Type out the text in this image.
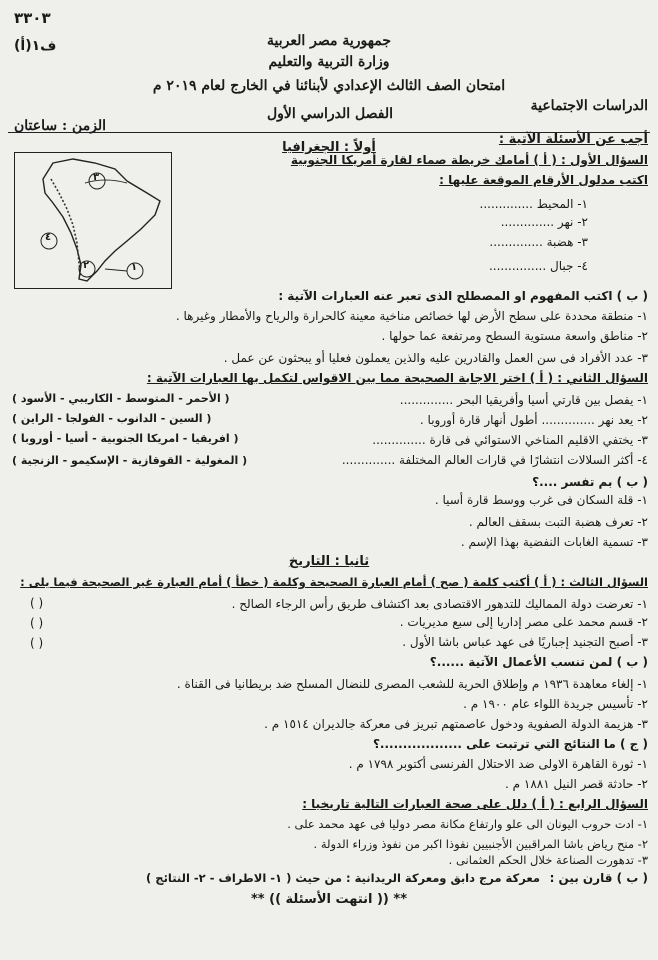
٣٣٠٣
ف١(أ)	جمهورية مصر العربية
وزارة التربية والتعليم
امتحان الصف الثالث الإعدادي لأبنائنا في الخارج لعام ٢٠١٩ م
الدراسات الاجتماعية
الفصل الدراسي الأول
الزمن : ساعتان
أجب عن الأسئلة الآتية :
أولاً : الجغرافيا
٣
٤
٢	١
السؤال الأول : ( أ ) أمامك خريطة صماء لقارة أمريكا الجنوبية
اكتب مدلول الأرقام الموقعة عليها :
١- المحيط ..............
٢- نهر ..............
٣- هضبة ..............
٤- جبال ...............
( ب ) اكتب المفهوم او المصطلح الذى تعبر عنه العبارات الآتية :
١- منطقة محددة على سطح الأرض لها خصائص مناخية معينة كالحرارة والرياح والأمطار وغيرها .
٢- مناطق واسعة مستوية السطح ومرتفعة عما حولها .
٣- عدد الأفراد فى سن العمل والقادرين عليه والذين يعملون فعليا أو يبحثون عن عمل .
السؤال الثاني : ( أ ) اختر الاجابة الصحيحة مما بين الاقواس لتكمل بها العبارات الآتية :
١- يفصل بين قارتي أسيا وأفريقيا البحر ..............
( الأحمر - المتوسط - الكاريبي - الأسود )
٢- يعد نهر .............. أطول أنهار قارة أوروبا .
( السين - الدانوب - الفولجا - الراين )
٣- يختفي الاقليم المناخي الاستوائي فى قارة ..............
( افريقيا - امريكا الجنوبية - أسيا - أوروبا )
٤- أكثر السلالات انتشارًا في قارات العالم المختلفة ..............
( المغولية - القوقازية - الإسكيمو - الزنجية )
( ب ) بم تفسر ....؟
١- قلة السكان فى غرب ووسط قارة أسيا .
٢- تعرف هضبة التبت بسقف العالم .
٣- تسمية الغابات النفضية بهذا الإسم .
ثانيا : التاريخ
السؤال الثالث : ( أ ) أكتب كلمة ( صح ) أمام العبارة الصحيحة وكلمة ( خطأ ) أمام العبارة غير الصحيحة فيما يلى :
١- تعرضت دولة المماليك للتدهور الاقتصادى بعد اكتشاف طريق رأس الرجاء الصالح .
( )
٢- قسم محمد على مصر إداريا إلى سبع مديريات .
( )
٣- أصبح التجنيد إجباريًا فى عهد عباس باشا الأول .
( )
( ب ) لمن تنسب الأعمال الآتية ......؟
١- إلغاء معاهدة ١٩٣٦ م وإطلاق الحرية للشعب المصرى للنضال المسلح ضد بريطانيا فى القناة .
٢- تأسيس جريدة اللواء عام ١٩٠٠ م .
٣- هزيمة الدولة الصفوية ودخول عاصمتهم تبريز فى معركة جالديران ١٥١٤ م .
( ج ) ما النتائج التي ترتبت على ..................؟
١- ثورة القاهرة الاولى ضد الاحتلال الفرنسى أكتوبر ١٧٩٨ م .
٢- حادثة قصر النيل ١٨٨١ م .
السؤال الرابع : ( أ ) دلل على صحة العبارات التالية تاريخيا :
١- ادت حروب اليونان الى علو وارتفاع مكانة مصر دوليا فى عهد محمد على .
٢- منح رياض باشا المراقبين الأجنبيين نفوذا اكبر من نفوذ وزراء الدولة .
٣- تدهورت الصناعة خلال الحكم العثمانى .
( ب ) قارن بين :
معركة مرج دابق ومعركة الريدانية : من حيث ( ١- الاطراف - ٢- النتائج )
** (( انتهت الأسئلة )) **
